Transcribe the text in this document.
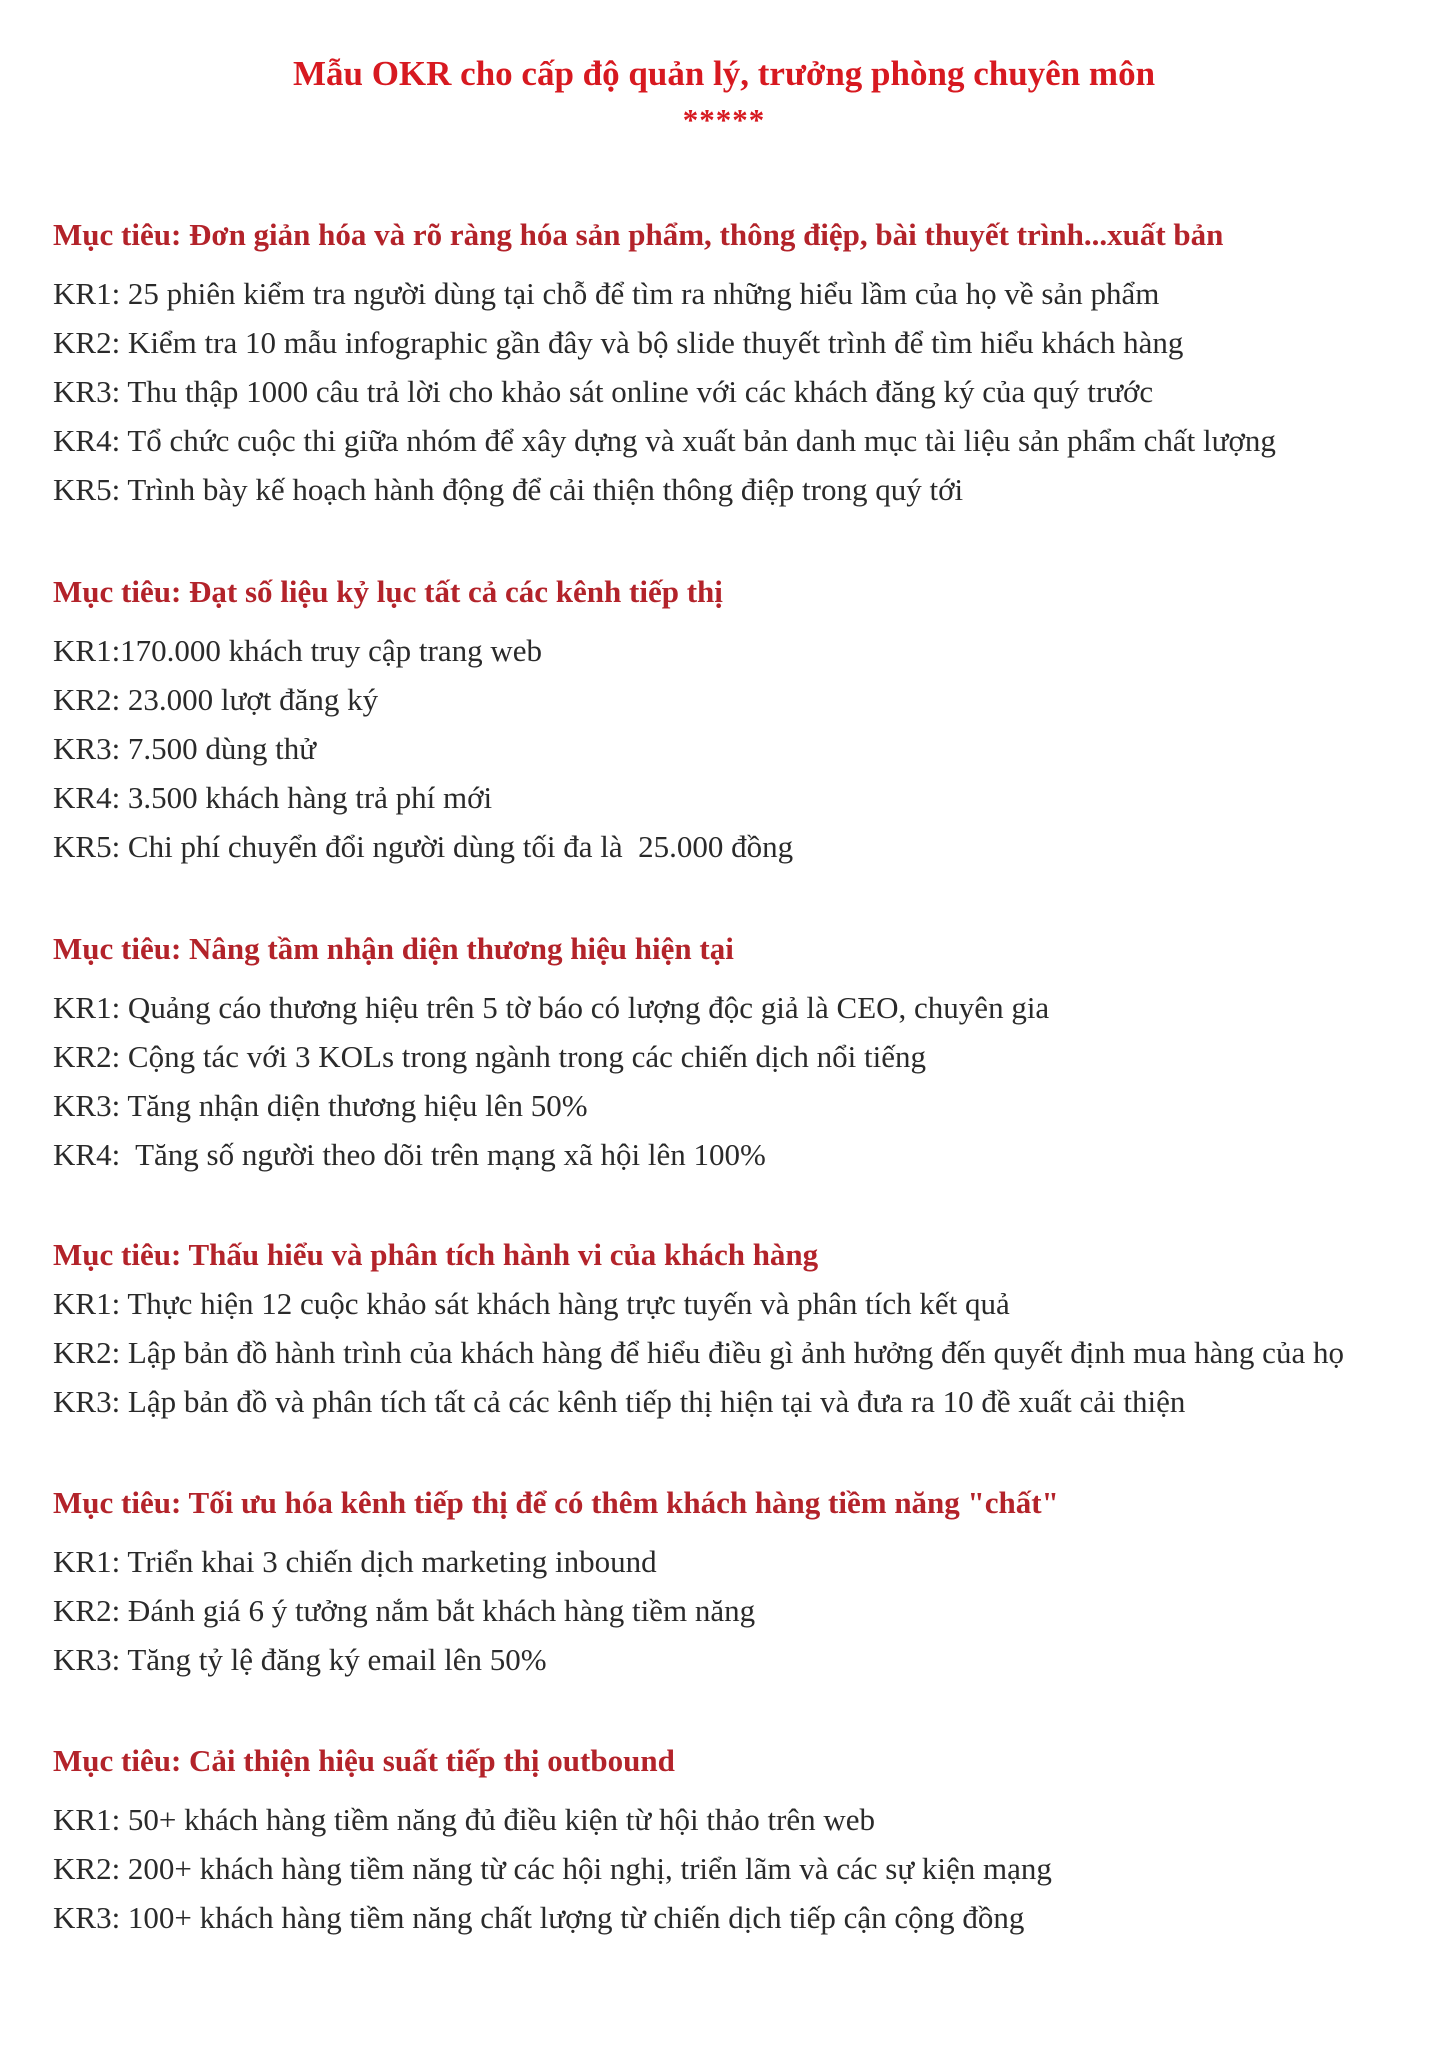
Mẫu OKR cho cấp độ quản lý, trưởng phòng chuyên môn
*****
Mục tiêu: Đơn giản hóa và rõ ràng hóa sản phẩm, thông điệp, bài thuyết trình...xuất bản
KR1: 25 phiên kiểm tra người dùng tại chỗ để tìm ra những hiểu lầm của họ về sản phẩm
KR2: Kiểm tra 10 mẫu infographic gần đây và bộ slide thuyết trình để tìm hiểu khách hàng
KR3: Thu thập 1000 câu trả lời cho khảo sát online với các khách đăng ký của quý trước
KR4: Tổ chức cuộc thi giữa nhóm để xây dựng và xuất bản danh mục tài liệu sản phẩm chất lượng
KR5: Trình bày kế hoạch hành động để cải thiện thông điệp trong quý tới
Mục tiêu: Đạt số liệu kỷ lục tất cả các kênh tiếp thị
KR1:170.000 khách truy cập trang web
KR2: 23.000 lượt đăng ký
KR3: 7.500 dùng thử
KR4: 3.500 khách hàng trả phí mới
KR5: Chi phí chuyển đổi người dùng tối đa là  25.000 đồng
Mục tiêu: Nâng tầm nhận diện thương hiệu hiện tại
KR1: Quảng cáo thương hiệu trên 5 tờ báo có lượng độc giả là CEO, chuyên gia
KR2: Cộng tác với 3 KOLs trong ngành trong các chiến dịch nổi tiếng
KR3: Tăng nhận diện thương hiệu lên 50%
KR4:  Tăng số người theo dõi trên mạng xã hội lên 100%
Mục tiêu: Thấu hiểu và phân tích hành vi của khách hàng
KR1: Thực hiện 12 cuộc khảo sát khách hàng trực tuyến và phân tích kết quả
KR2: Lập bản đồ hành trình của khách hàng để hiểu điều gì ảnh hưởng đến quyết định mua hàng của họ
KR3: Lập bản đồ và phân tích tất cả các kênh tiếp thị hiện tại và đưa ra 10 đề xuất cải thiện
Mục tiêu: Tối ưu hóa kênh tiếp thị để có thêm khách hàng tiềm năng "chất"
KR1: Triển khai 3 chiến dịch marketing inbound
KR2: Đánh giá 6 ý tưởng nắm bắt khách hàng tiềm năng
KR3: Tăng tỷ lệ đăng ký email lên 50%
Mục tiêu: Cải thiện hiệu suất tiếp thị outbound
KR1: 50+ khách hàng tiềm năng đủ điều kiện từ hội thảo trên web
KR2: 200+ khách hàng tiềm năng từ các hội nghị, triển lãm và các sự kiện mạng
KR3: 100+ khách hàng tiềm năng chất lượng từ chiến dịch tiếp cận cộng đồng
